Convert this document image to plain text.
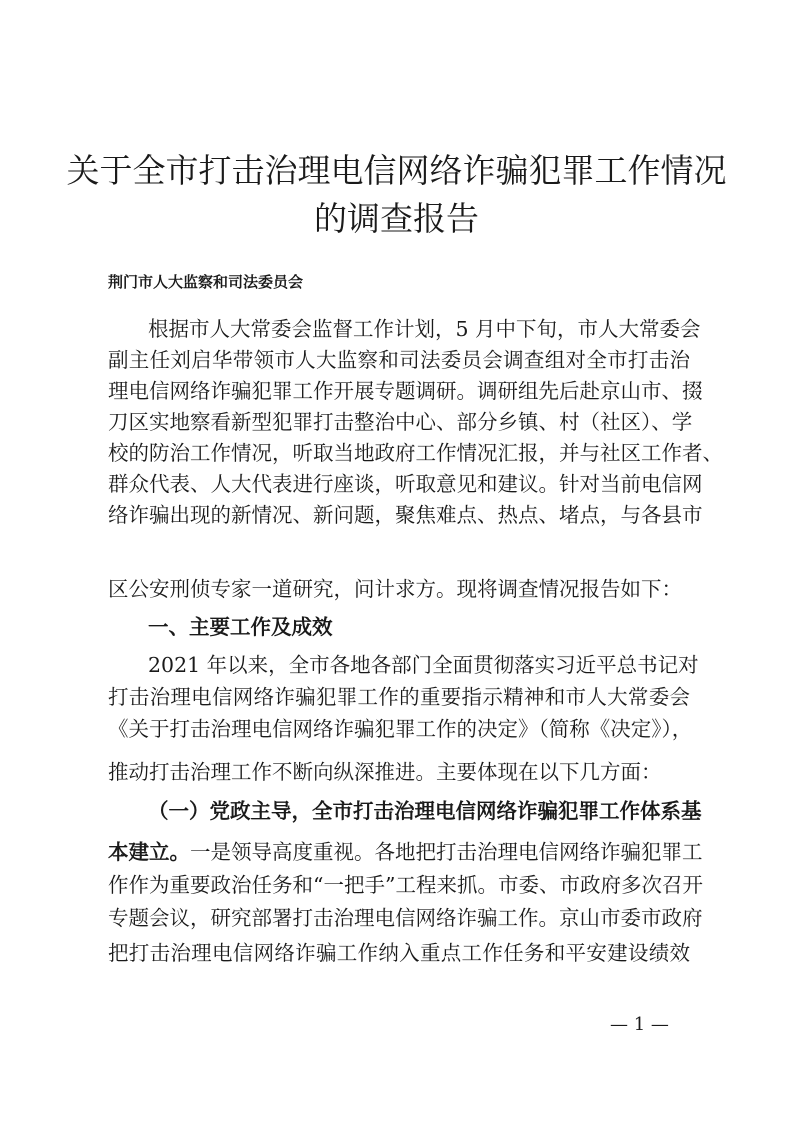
关于全市打击治理电信网络诈骗犯罪工作情况
的调查报告
荆门市人大监察和司法委员会
根据市人大常委会监督工作计划，5 月中下旬，市人大常委会
副主任刘启华带领市人大监察和司法委员会调查组对全市打击治
理电信网络诈骗犯罪工作开展专题调研。调研组先后赴京山市、掇
刀区实地察看新型犯罪打击整治中心、部分乡镇、村（社区）、学
校的防治工作情况，听取当地政府工作情况汇报，并与社区工作者、
群众代表、人大代表进行座谈，听取意见和建议。针对当前电信网
络诈骗出现的新情况、新问题，聚焦难点、热点、堵点，与各县市
区公安刑侦专家一道研究，问计求方。现将调查情况报告如下：
一、主要工作及成效
2021 年以来，全市各地各部门全面贯彻落实习近平总书记对
打击治理电信网络诈骗犯罪工作的重要指示精神和市人大常委会
《关于打击治理电信网络诈骗犯罪工作的决定》（简称《决定》），
推动打击治理工作不断向纵深推进。主要体现在以下几方面：
（一）党政主导，全市打击治理电信网络诈骗犯罪工作体系基
本建立。一是领导高度重视。各地把打击治理电信网络诈骗犯罪工
作作为重要政治任务和“一把手”工程来抓。市委、市政府多次召开
专题会议，研究部署打击治理电信网络诈骗工作。京山市委市政府
把打击治理电信网络诈骗工作纳入重点工作任务和平安建设绩效
— 1 —
